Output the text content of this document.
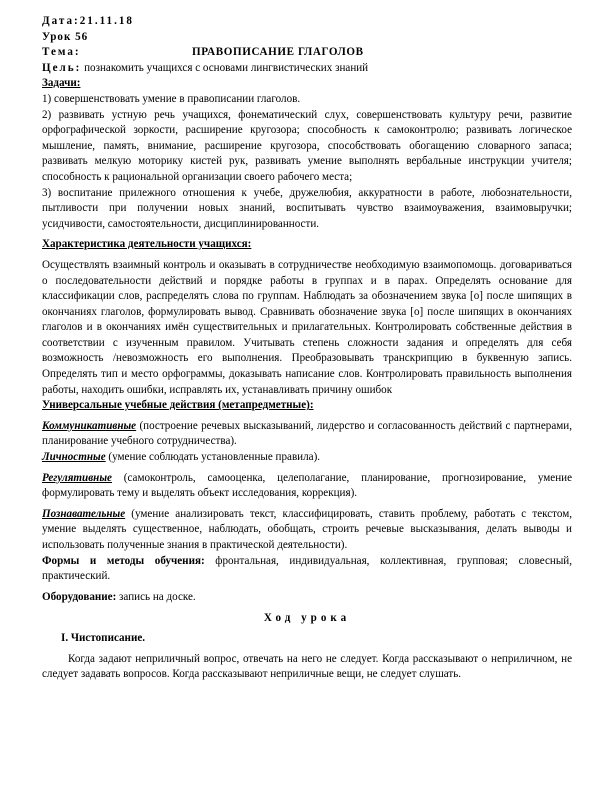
Дата:21.11.18

Урок 56

Тема:	ПРАВОПИСАНИЕ ГЛАГОЛОВ

Цель: познакомить учащихся с основами лингвистических знаний

Задачи:

1) совершенствовать умение в правописании глаголов.

2) развивать устную речь учащихся, фонематический слух, совершенствовать культуру речи, развитие орфографической зоркости, расширение кругозора; способность к самоконтролю; развивать логическое мышление, память, внимание, расширение кругозора, способствовать обогащению словарного запаса; развивать мелкую моторику кистей рук, развивать умение выполнять вербальные инструкции учителя; способность к рациональной организации своего рабочего места;

3) воспитание прилежного отношения к учебе, дружелюбия, аккуратности в работе, любознательности, пытливости при получении новых знаний, воспитывать чувство взаимоуважения, взаимовыручки; усидчивости, самостоятельности, дисциплинированности.

Характеристика деятельности учащихся:

Осуществлять взаимный контроль и оказывать в сотрудничестве необходимую взаимопомощь. договариваться о последовательности действий и порядке работы в группах и в парах. Определять основание для классификации слов, распределять слова по группам. Наблюдать за обозначением звука [о] после шипящих в окончаниях глаголов, формулировать вывод. Сравнивать обозначение звука [о] после шипящих в окончаниях глаголов и в окончаниях имён существительных и прилагательных. Контролировать собственные действия в соответствии с изученным правилом. Учитывать степень сложности задания и определять для себя возможность /невозможность его выполнения. Преобразовывать транскрипцию в буквенную запись. Определять тип и место орфограммы, доказывать написание слов. Контролировать правильность выполнения работы, находить ошибки, исправлять их, устанавливать причину ошибок

Универсальные учебные действия (метапредметные):

Коммуникативные (построение речевых высказываний, лидерство и согласованность действий с партнерами, планирование учебного сотрудничества).

Личностные (умение соблюдать установленные правила).

Регулятивные (самоконтроль, самооценка, целеполагание, планирование, прогнозирование, умение формулировать тему и выделять объект исследования, коррекция).

Познавательные (умение анализировать текст, классифицировать, ставить проблему, работать с текстом, умение выделять существенное, наблюдать, обобщать, строить речевые высказывания, делать выводы и использовать полученные знания в практической деятельности).

Формы и методы обучения: фронтальная, индивидуальная, коллективная, групповая; словесный, практический.

Оборудование: запись на доске.

Ход урока

I. Чистописание.

Когда задают неприличный вопрос, отвечать на него не следует. Когда рассказывают о неприличном, не следует задавать вопросов. Когда рассказывают неприличные вещи, не следует слушать.
